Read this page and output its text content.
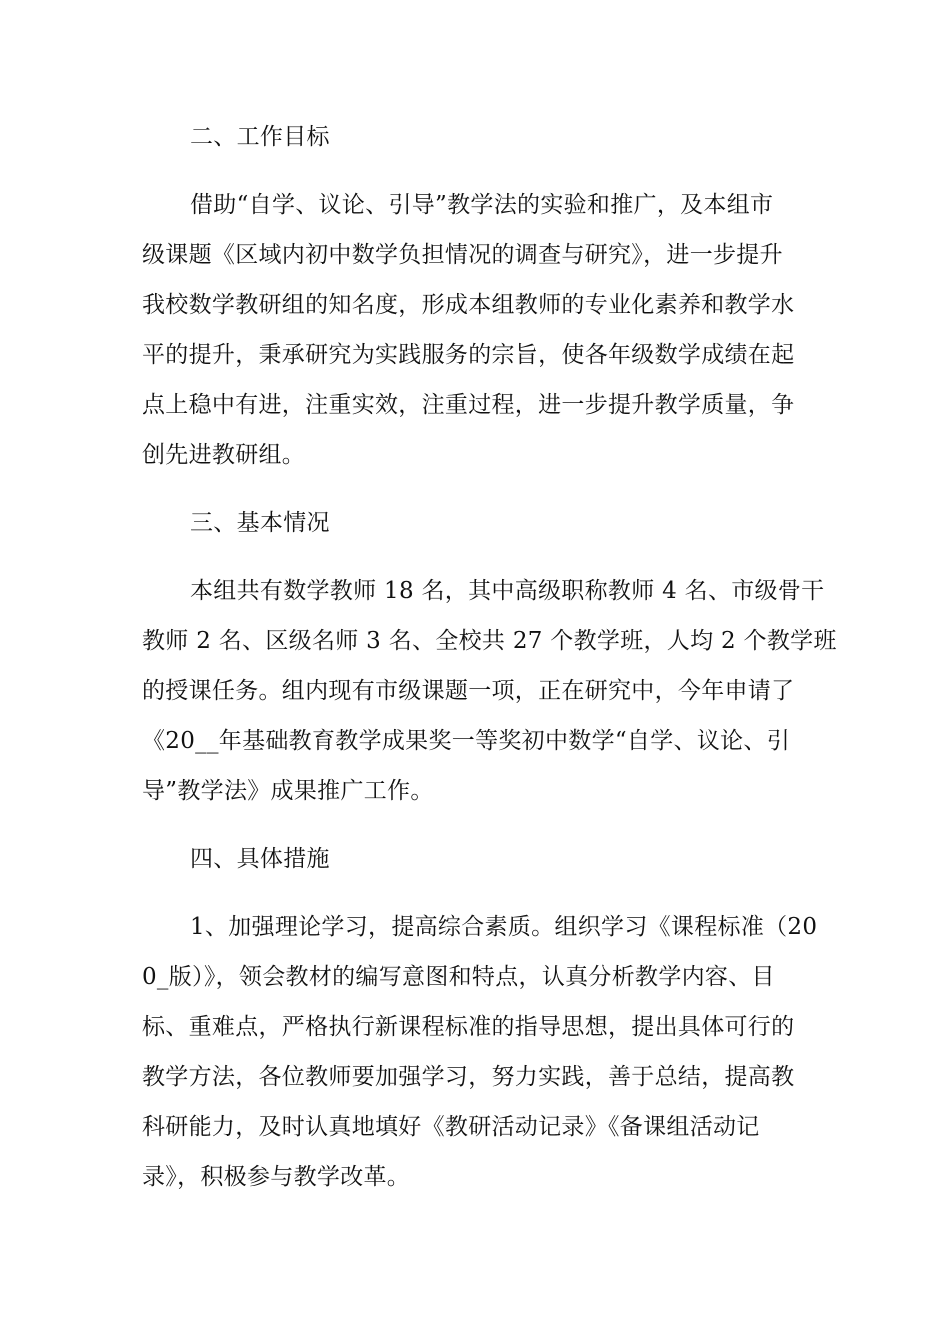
二、工作目标
借助“自学、议论、引导”教学法的实验和推广，及本组市
级课题《区域内初中数学负担情况的调查与研究》，进一步提升
我校数学教研组的知名度，形成本组教师的专业化素养和教学水
平的提升，秉承研究为实践服务的宗旨，使各年级数学成绩在起
点上稳中有进，注重实效，注重过程，进一步提升教学质量，争
创先进教研组。
三、基本情况
本组共有数学教师 18 名，其中高级职称教师 4 名、市级骨干
教师 2 名、区级名师 3 名、全校共 27 个教学班，人均 2 个教学班
的授课任务。组内现有市级课题一项，正在研究中，今年申请了
《20__年基础教育教学成果奖一等奖初中数学“自学、议论、引
导”教学法》成果推广工作。
四、具体措施
1、加强理论学习，提高综合素质。组织学习《课程标准（20
0_版）》，领会教材的编写意图和特点，认真分析教学内容、目
标、重难点，严格执行新课程标准的指导思想，提出具体可行的
教学方法，各位教师要加强学习，努力实践，善于总结，提高教
科研能力，及时认真地填好《教研活动记录》《备课组活动记
录》，积极参与教学改革。
